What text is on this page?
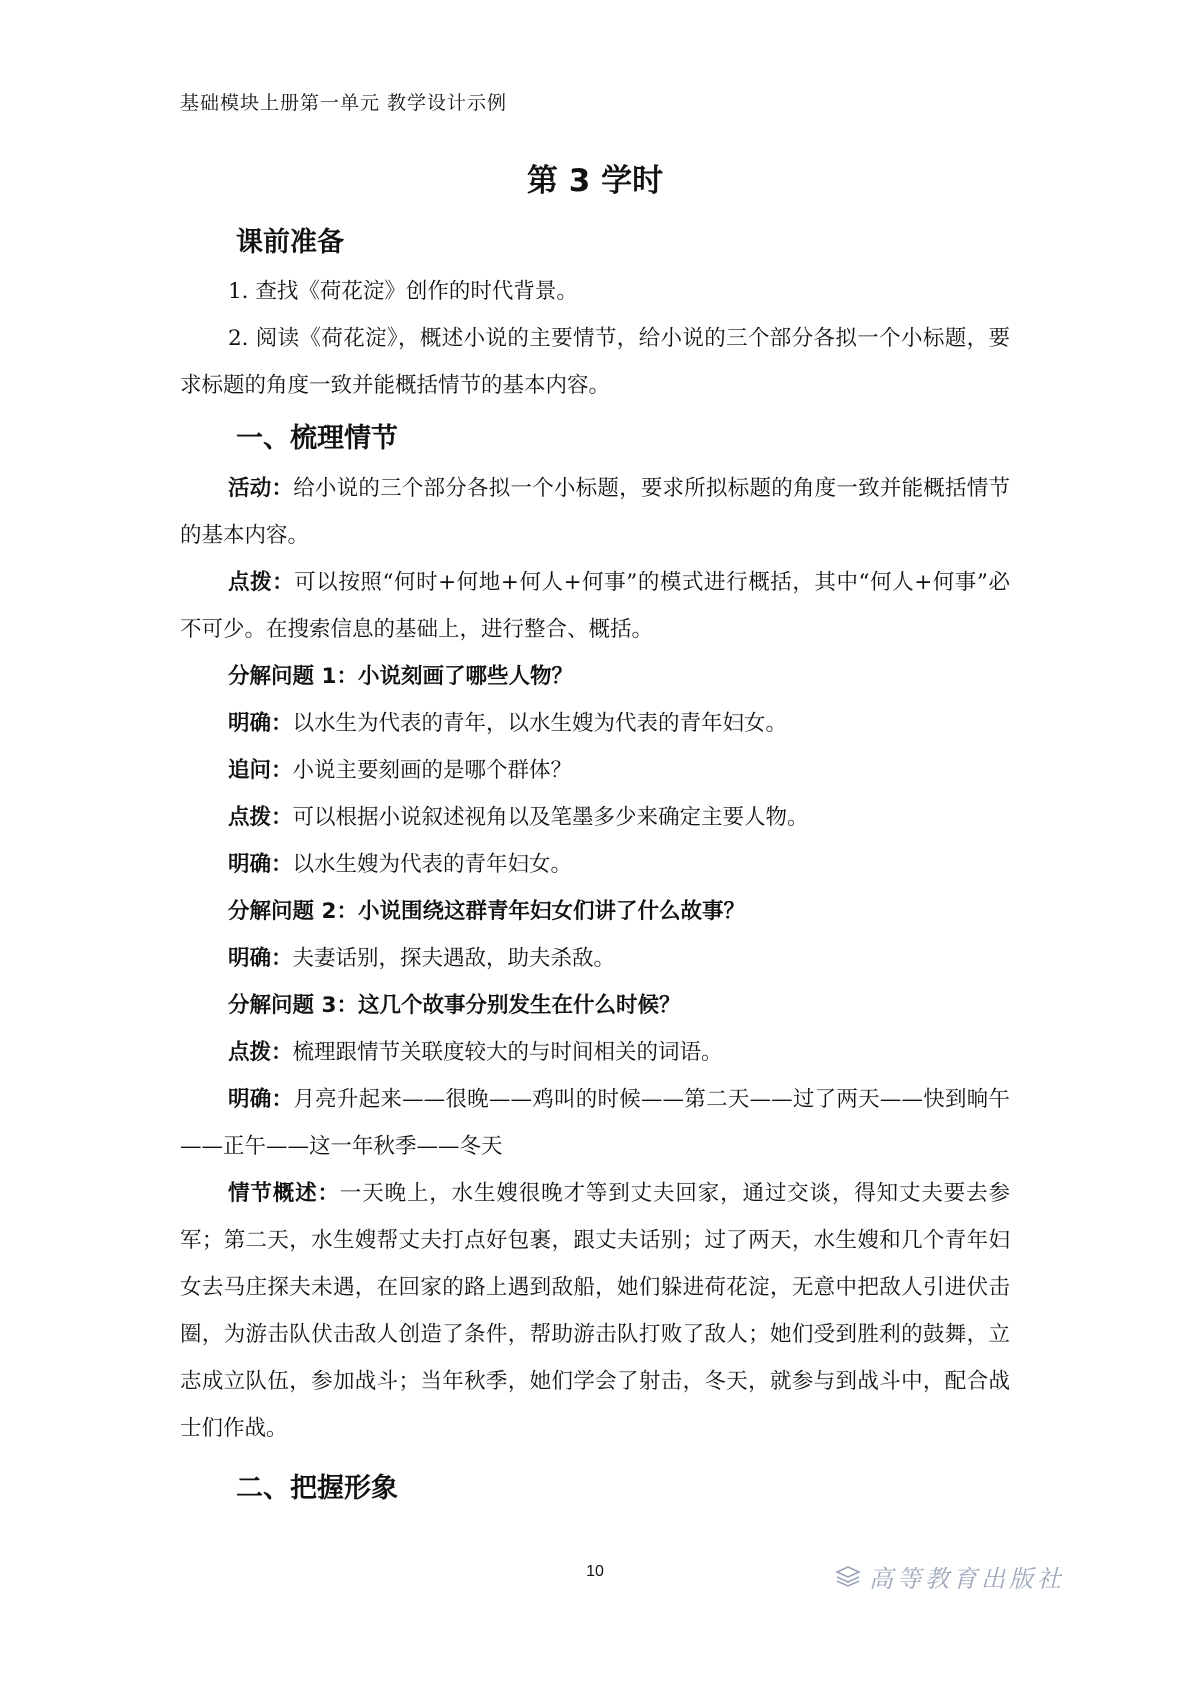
基础模块上册第一单元 教学设计示例
第 3 学时
课前准备
1. 查找《荷花淀》创作的时代背景。
2. 阅读《荷花淀》，概述小说的主要情节，给小说的三个部分各拟一个小标题，要求标题的角度一致并能概括情节的基本内容。
一、梳理情节
活动：给小说的三个部分各拟一个小标题，要求所拟标题的角度一致并能概括情节的基本内容。
点拨：可以按照“何时+何地+何人+何事”的模式进行概括，其中“何人+何事”必不可少。在搜索信息的基础上，进行整合、概括。
分解问题 1：小说刻画了哪些人物？
明确：以水生为代表的青年，以水生嫂为代表的青年妇女。
追问：小说主要刻画的是哪个群体？
点拨：可以根据小说叙述视角以及笔墨多少来确定主要人物。
明确：以水生嫂为代表的青年妇女。
分解问题 2：小说围绕这群青年妇女们讲了什么故事？
明确：夫妻话别，探夫遇敌，助夫杀敌。
分解问题 3：这几个故事分别发生在什么时候？
点拨：梳理跟情节关联度较大的与时间相关的词语。
明确：月亮升起来——很晚——鸡叫的时候——第二天——过了两天——快到晌午——正午——这一年秋季——冬天
情节概述：一天晚上，水生嫂很晚才等到丈夫回家，通过交谈，得知丈夫要去参军；第二天，水生嫂帮丈夫打点好包裹，跟丈夫话别；过了两天，水生嫂和几个青年妇女去马庄探夫未遇，在回家的路上遇到敌船，她们躲进荷花淀，无意中把敌人引进伏击圈，为游击队伏击敌人创造了条件，帮助游击队打败了敌人；她们受到胜利的鼓舞，立志成立队伍，参加战斗；当年秋季，她们学会了射击，冬天，就参与到战斗中，配合战士们作战。
二、把握形象
10	高等教育出版社
